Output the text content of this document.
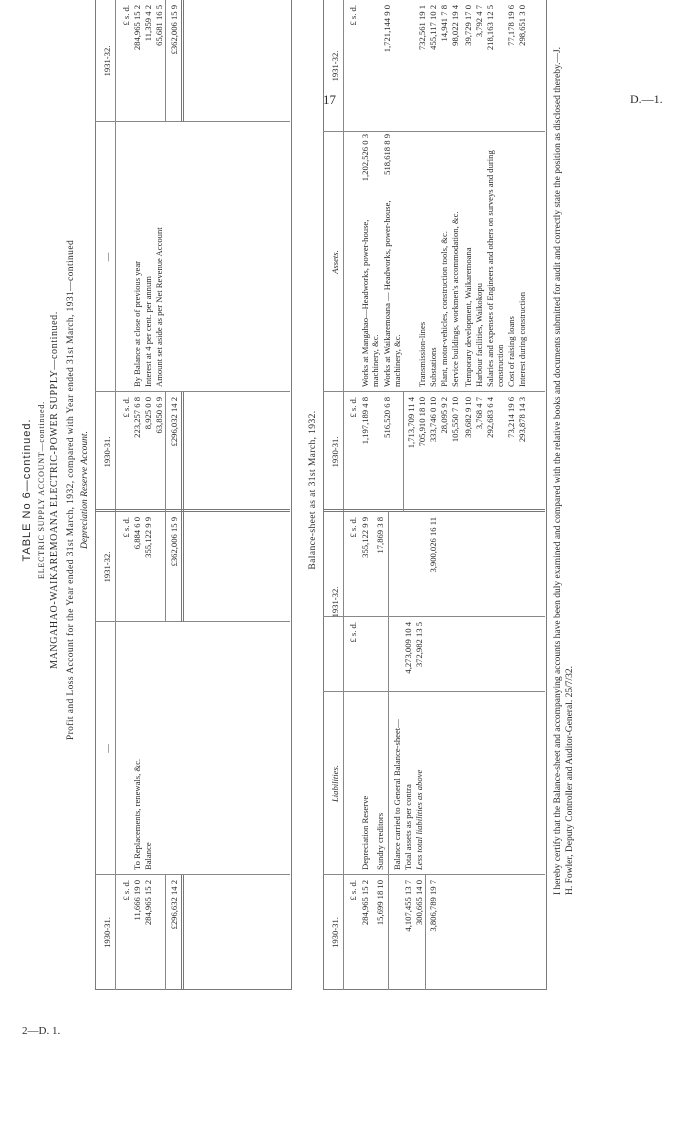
17	D.—1.
2—D. 1.
TABLE No 6—continued. ELECTRIC SUPPLY ACCOUNT—continued. MANGAHAO-WAIKAREMOANA ELECTRIC-POWER SUPPLY—continued. Profit and Loss Account for the Year ended 31st March, 1932, compared with Year ended 31st March, 1931—continued Depreciation Reserve Account.
1930-31.
—
1931-32.
1930-31.
—
1931-32.
£ s. d.
£ s. d.
£ s. d.
£ s. d.
11,666 19 0
To Replacements, renewals, &c.
6,884 6 0
284,965 15 2
Balance
355,122 9 9
223,257 6 8
By Balance at close of previous year
284,965 15 2
8,925 0 0
Interest at 4 per cent. per annum
11,359 4 2
63,850 6 9
Amount set aside as per Net Revenue Account
65,681 16 5
£296,632 14 2
£362,006 15 9
£296,032 14 2
£362,006 15 9
Balance-sheet as at 31st March, 1932.
1930-31.
Liabilities.
1931-32.
1930-31.
Assets.
1931-32.
£ s. d.
£ s. d.
£ s. d.
£ s. d.
£ s. d.
284,965 15 2
Depreciation Reserve
355,122 9 9
15,699 18 10
Sundry creditors
17,869 3 8
Balance carried to General Balance-sheet—
4,107,455 13 7
Total assets as per contra
4,273,009 10 4
300,665 14 0
Less total liabilities as above
372,982 13 5
3,806,789 19 7
3,900,026 16 11
1,197,189 4 8
Works at Mangahao—Headworks, power-house, machinery, &c.
1,202,526 0 3
516,520 6 8
Works at Waikaremoana — Headworks, power-house, machinery, &c.
518,618 8 9
1,721,144 9 0
1,713,709 11 4 705,910 18 10
Transmission-lines
732,561 19 1
333,746 0 10
Substations
455,117 10 2
28,095 9 2
Plant, motor-vehicles, construction tools, &c.
14,941 7 8
105,550 7 10
Service buildings, workmen's accommodation, &c.
98,022 19 4
39,682 9 10
Temporary development, Waikaremoana
39,729 17 0
3,768 4 7
Harbour facilities, Waikokopu
3,792 4 7
292,683 6 4
Salaries and expenses of Engineers and others on surveys and during construction
218,163 12 5
73,214 19 6
Cost of raising loans
77,178 19 6
293,878 14 3
Interest during construction
298,651 3 0
I hereby certify that the Balance-sheet and accompanying accounts have been duly examined and compared with the relative books and documents submitted for audit and correctly state the position as disclosed thereby.—J. H. Fowler, Deputy Controller and Auditor-General. 25/7/32.
